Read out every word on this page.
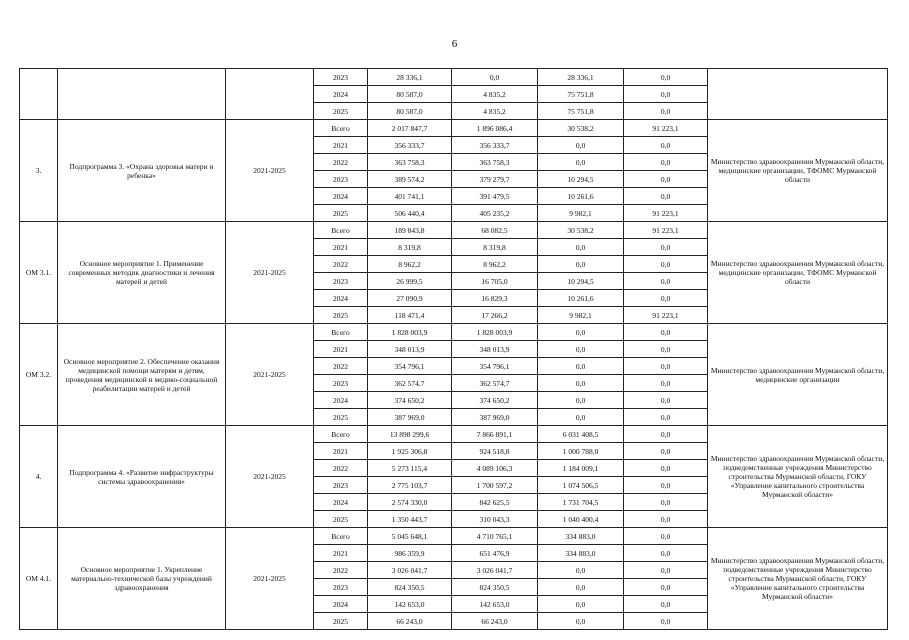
6
			2023	28 336,1	0,0	28 336,1	0,0	
			2024	80 587,0	4 835,2	75 751,8	0,0	
			2025	80 587,0	4 835,2	75 751,8	0,0	
3.	Подпрограмма 3. «Охрана здоровья матери и ребенка»	2021-2025	Всего	2 017 847,7	1 896 086,4	30 538,2	91 223,1	Министерство здравоохранения Мурманской области, медицинские организации, ТФОМС Мурманской области
			2021	356 333,7	356 333,7	0,0	0,0	
			2022	363 758,3	363 758,3	0,0	0,0	
			2023	389 574,2	379 279,7	10 294,5	0,0	
			2024	401 741,1	391 479,5	10 261,6	0,0	
			2025	506 440,4	405 235,2	9 982,1	91 223,1	
ОМ 3.1.	Основное мероприятие 1. Применение современных методик диагностики и лечения матерей и детей	2021-2025	Всего	189 843,8	68 082,5	30 538,2	91 223,1	Министерство здравоохранения Мурманской области, медицинские организации, ТФОМС Мурманской области
			2021	8 319,8	8 319,8	0,0	0,0	
			2022	8 962,2	8 962,2	0,0	0,0	
			2023	26 999,5	16 705,0	10 294,5	0,0	
			2024	27 090,9	16 829,3	10 261,6	0,0	
			2025	118 471,4	17 266,2	9 982,1	91 223,1	
ОМ 3.2.	Основное мероприятие 2. Обеспечение оказания медицинской помощи матерям и детям, проведения медицинской и медико-социальной реабилитации матерей и детей	2021-2025	Всего	1 828 003,9	1 828 003,9	0,0	0,0	Министерство здравоохранения Мурманской области, медицинские организации
			2021	348 013,9	348 013,9	0,0	0,0	
			2022	354 796,1	354 796,1	0,0	0,0	
			2023	362 574,7	362 574,7	0,0	0,0	
			2024	374 650,2	374 650,2	0,0	0,0	
			2025	387 969,0	387 969,0	0,0	0,0	
4.	Подпрограмма 4. «Развитие инфраструктуры системы здравоохранения»	2021-2025	Всего	13 898 299,6	7 866 891,1	6 031 408,5	0,0	Министерство здравоохранения Мурманской области, подведомственные учреждения Министерство строительства Мурманской области, ГОКУ «Управление капитального строительства Мурманской области»
			2021	1 925 306,8	924 518,8	1 000 788,0	0,0	
			2022	5 273 115,4	4 089 106,3	1 184 009,1	0,0	
			2023	2 775 103,7	1 700 597,2	1 074 506,5	0,0	
			2024	2 574 330,0	842 625,5	1 731 704,5	0,0	
			2025	1 350 443,7	310 043,3	1 040 400,4	0,0	
ОМ 4.1.	Основное мероприятие 1. Укрепление материально-технической базы учреждений здравоохранения	2021-2025	Всего	5 045 648,1	4 710 765,1	334 883,0	0,0	Министерство здравоохранения Мурманской области, подведомственные учреждения Министерство строительства Мурманской области, ГОКУ «Управление капитального строительства Мурманской области»
			2021	986 359,9	651 476,9	334 883,0	0,0	
			2022	3 026 041,7	3 026 041,7	0,0	0,0	
			2023	824 350,5	824 350,5	0,0	0,0	
			2024	142 653,0	142 653,0	0,0	0,0	
			2025	66 243,0	66 243,0	0,0	0,0	
